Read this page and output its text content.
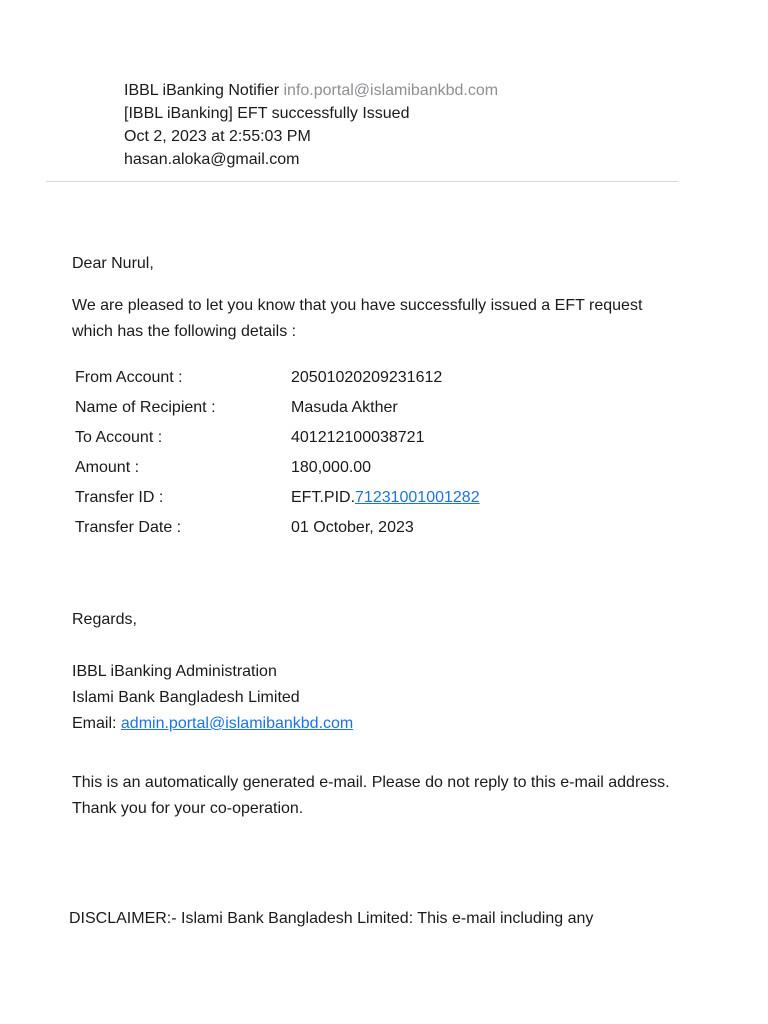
IBBL iBanking Notifier info.portal@islamibankbd.com
[IBBL iBanking] EFT successfully Issued
Oct 2, 2023 at 2:55:03 PM
hasan.aloka@gmail.com
Dear Nurul,
We are pleased to let you know that you have successfully issued a EFT request
which has the following details :
From Account :	20501020209231612
Name of Recipient :	Masuda Akther
To Account :	401212100038721
Amount :	180,000.00
Transfer ID :	EFT.PID.71231001001282
Transfer Date :	01 October, 2023
Regards,
IBBL iBanking Administration
Islami Bank Bangladesh Limited
Email: admin.portal@islamibankbd.com
This is an automatically generated e-mail. Please do not reply to this e-mail address.
Thank you for your co-operation.
DISCLAIMER:- Islami Bank Bangladesh Limited: This e-mail including any
